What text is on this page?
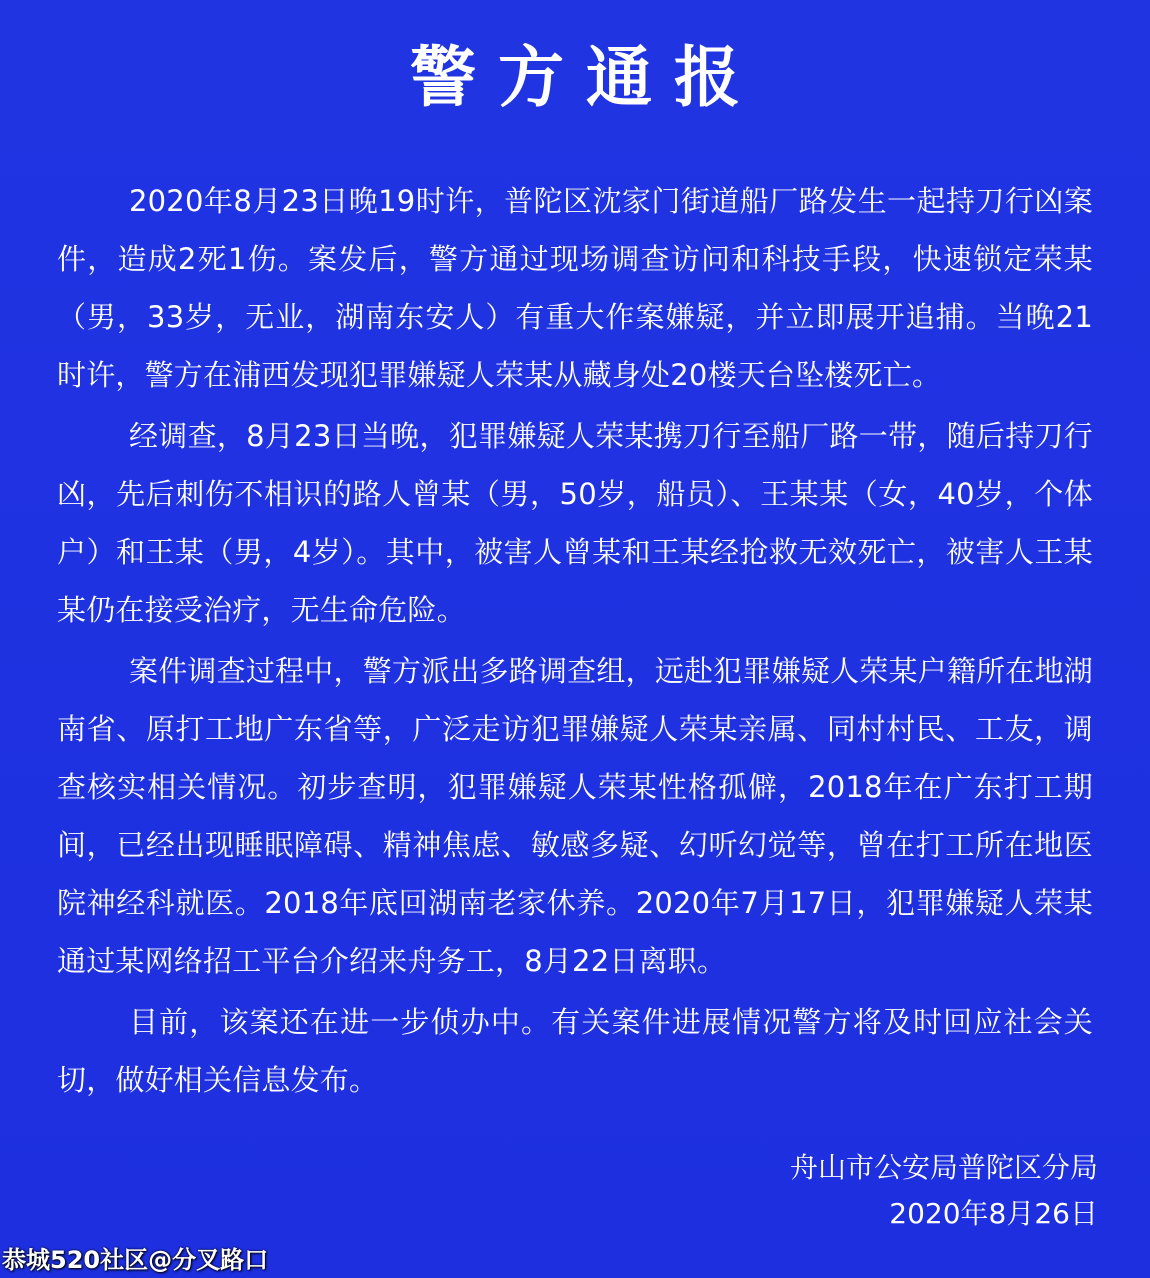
警方通报

2020年8月23日晚19时许，普陀区沈家门街道船厂路发生一起持刀行凶案件，造成2死1伤。案发后，警方通过现场调查访问和科技手段，快速锁定荣某（男，33岁，无业，湖南东安人）有重大作案嫌疑，并立即展开追捕。当晚21时许，警方在浦西发现犯罪嫌疑人荣某从藏身处20楼天台坠楼死亡。

经调查，8月23日当晚，犯罪嫌疑人荣某携刀行至船厂路一带，随后持刀行凶，先后刺伤不相识的路人曾某（男，50岁，船员）、王某某（女，40岁，个体户）和王某（男，4岁）。其中，被害人曾某和王某经抢救无效死亡，被害人王某某仍在接受治疗，无生命危险。

案件调查过程中，警方派出多路调查组，远赴犯罪嫌疑人荣某户籍所在地湖南省、原打工地广东省等，广泛走访犯罪嫌疑人荣某亲属、同村村民、工友，调查核实相关情况。初步查明，犯罪嫌疑人荣某性格孤僻，2018年在广东打工期间，已经出现睡眠障碍、精神焦虑、敏感多疑、幻听幻觉等，曾在打工所在地医院神经科就医。2018年底回湖南老家休养。2020年7月17日，犯罪嫌疑人荣某通过某网络招工平台介绍来舟务工，8月22日离职。

目前，该案还在进一步侦办中。有关案件进展情况警方将及时回应社会关切，做好相关信息发布。

舟山市公安局普陀区分局
2020年8月26日
恭城520社区@分叉路口
